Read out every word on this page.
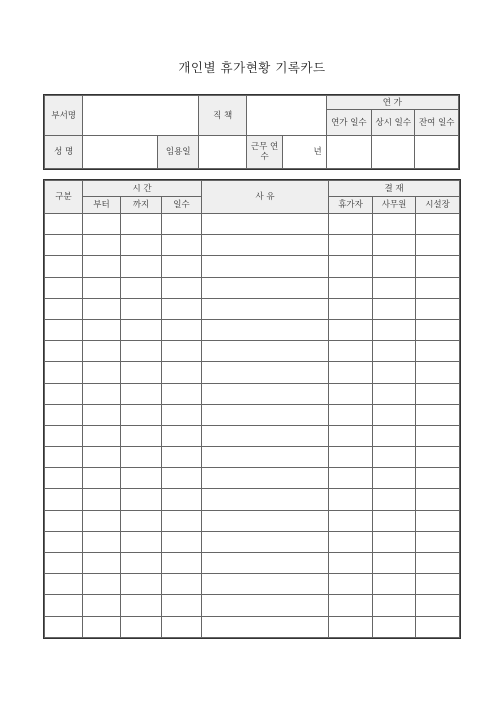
개인별 휴가현황 기록카드
부서명			직 책			연 가		
						연가 일수	상시 일수	잔여 일수
성 명		임용일		근무 연수	년			
구분	시 간			사 유	결 재		
	부터	까지	일수		휴가자	사무원	시설장
